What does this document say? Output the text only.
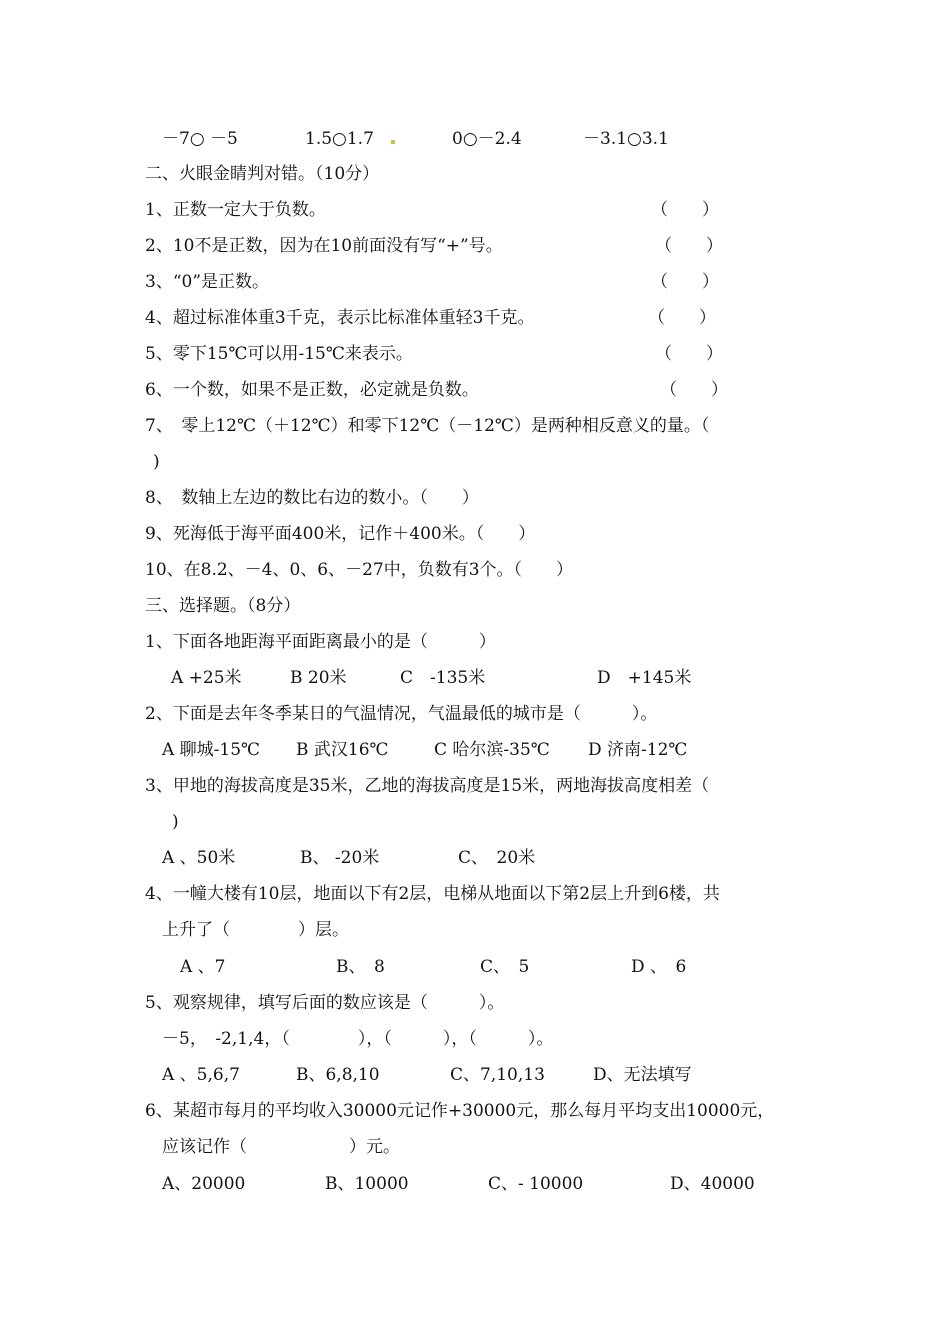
－7○ －5	1.5○1.7	0○－2.4	－3.1○3.1
二、火眼金睛判对错。（10分）
1、正数一定大于负数。	（　　）
2、10不是正数，因为在10前面没有写“+”号。	（　　）
3、“0”是正数。	（　　）
4、超过标准体重3千克，表示比标准体重轻3千克。	（　　）
5、零下15℃可以用-15℃来表示。	（　　）
6、一个数，如果不是正数，必定就是负数。	（　　）
7、　零上12℃（＋12℃）和零下12℃（－12℃）是两种相反意义的量。（
)
8、　数轴上左边的数比右边的数小。（　　）
9、死海低于海平面400米，记作＋400米。（　　）
10、在8.2、－4、0、6、－27中，负数有3个。（　　）
三、选择题。（8分）
1、下面各地距海平面距离最小的是（　　　）
A +25米	B 20米	C　-135米	D　+145米
2、下面是去年冬季某日的气温情况，气温最低的城市是（　　　）。
A 聊城-15℃ B 武汉16℃	C 哈尔滨-35℃ D 济南-12℃
3、甲地的海拔高度是35米，乙地的海拔高度是15米，两地海拔高度相差（
)
A 、50米	B、 -20米	C、　20米
4、一幢大楼有10层，地面以下有2层，电梯从地面以下第2层上升到6楼，共
上升了（　　　　）层。
A 、7	B、　8	C、　5	D 、　6
5、观察规律，填写后面的数应该是（　　　）。
－5，　-2,1,4，（　　　　），（　　　），（　　　）。
A 、5,6,7	B、6,8,10	C、7,10,13	D、无法填写
6、某超市每月的平均收入30000元记作+30000元，那么每月平均支出10000元，
应该记作（　　　　　　）元。
A、20000	B、10000	C、- 10000	D、40000
